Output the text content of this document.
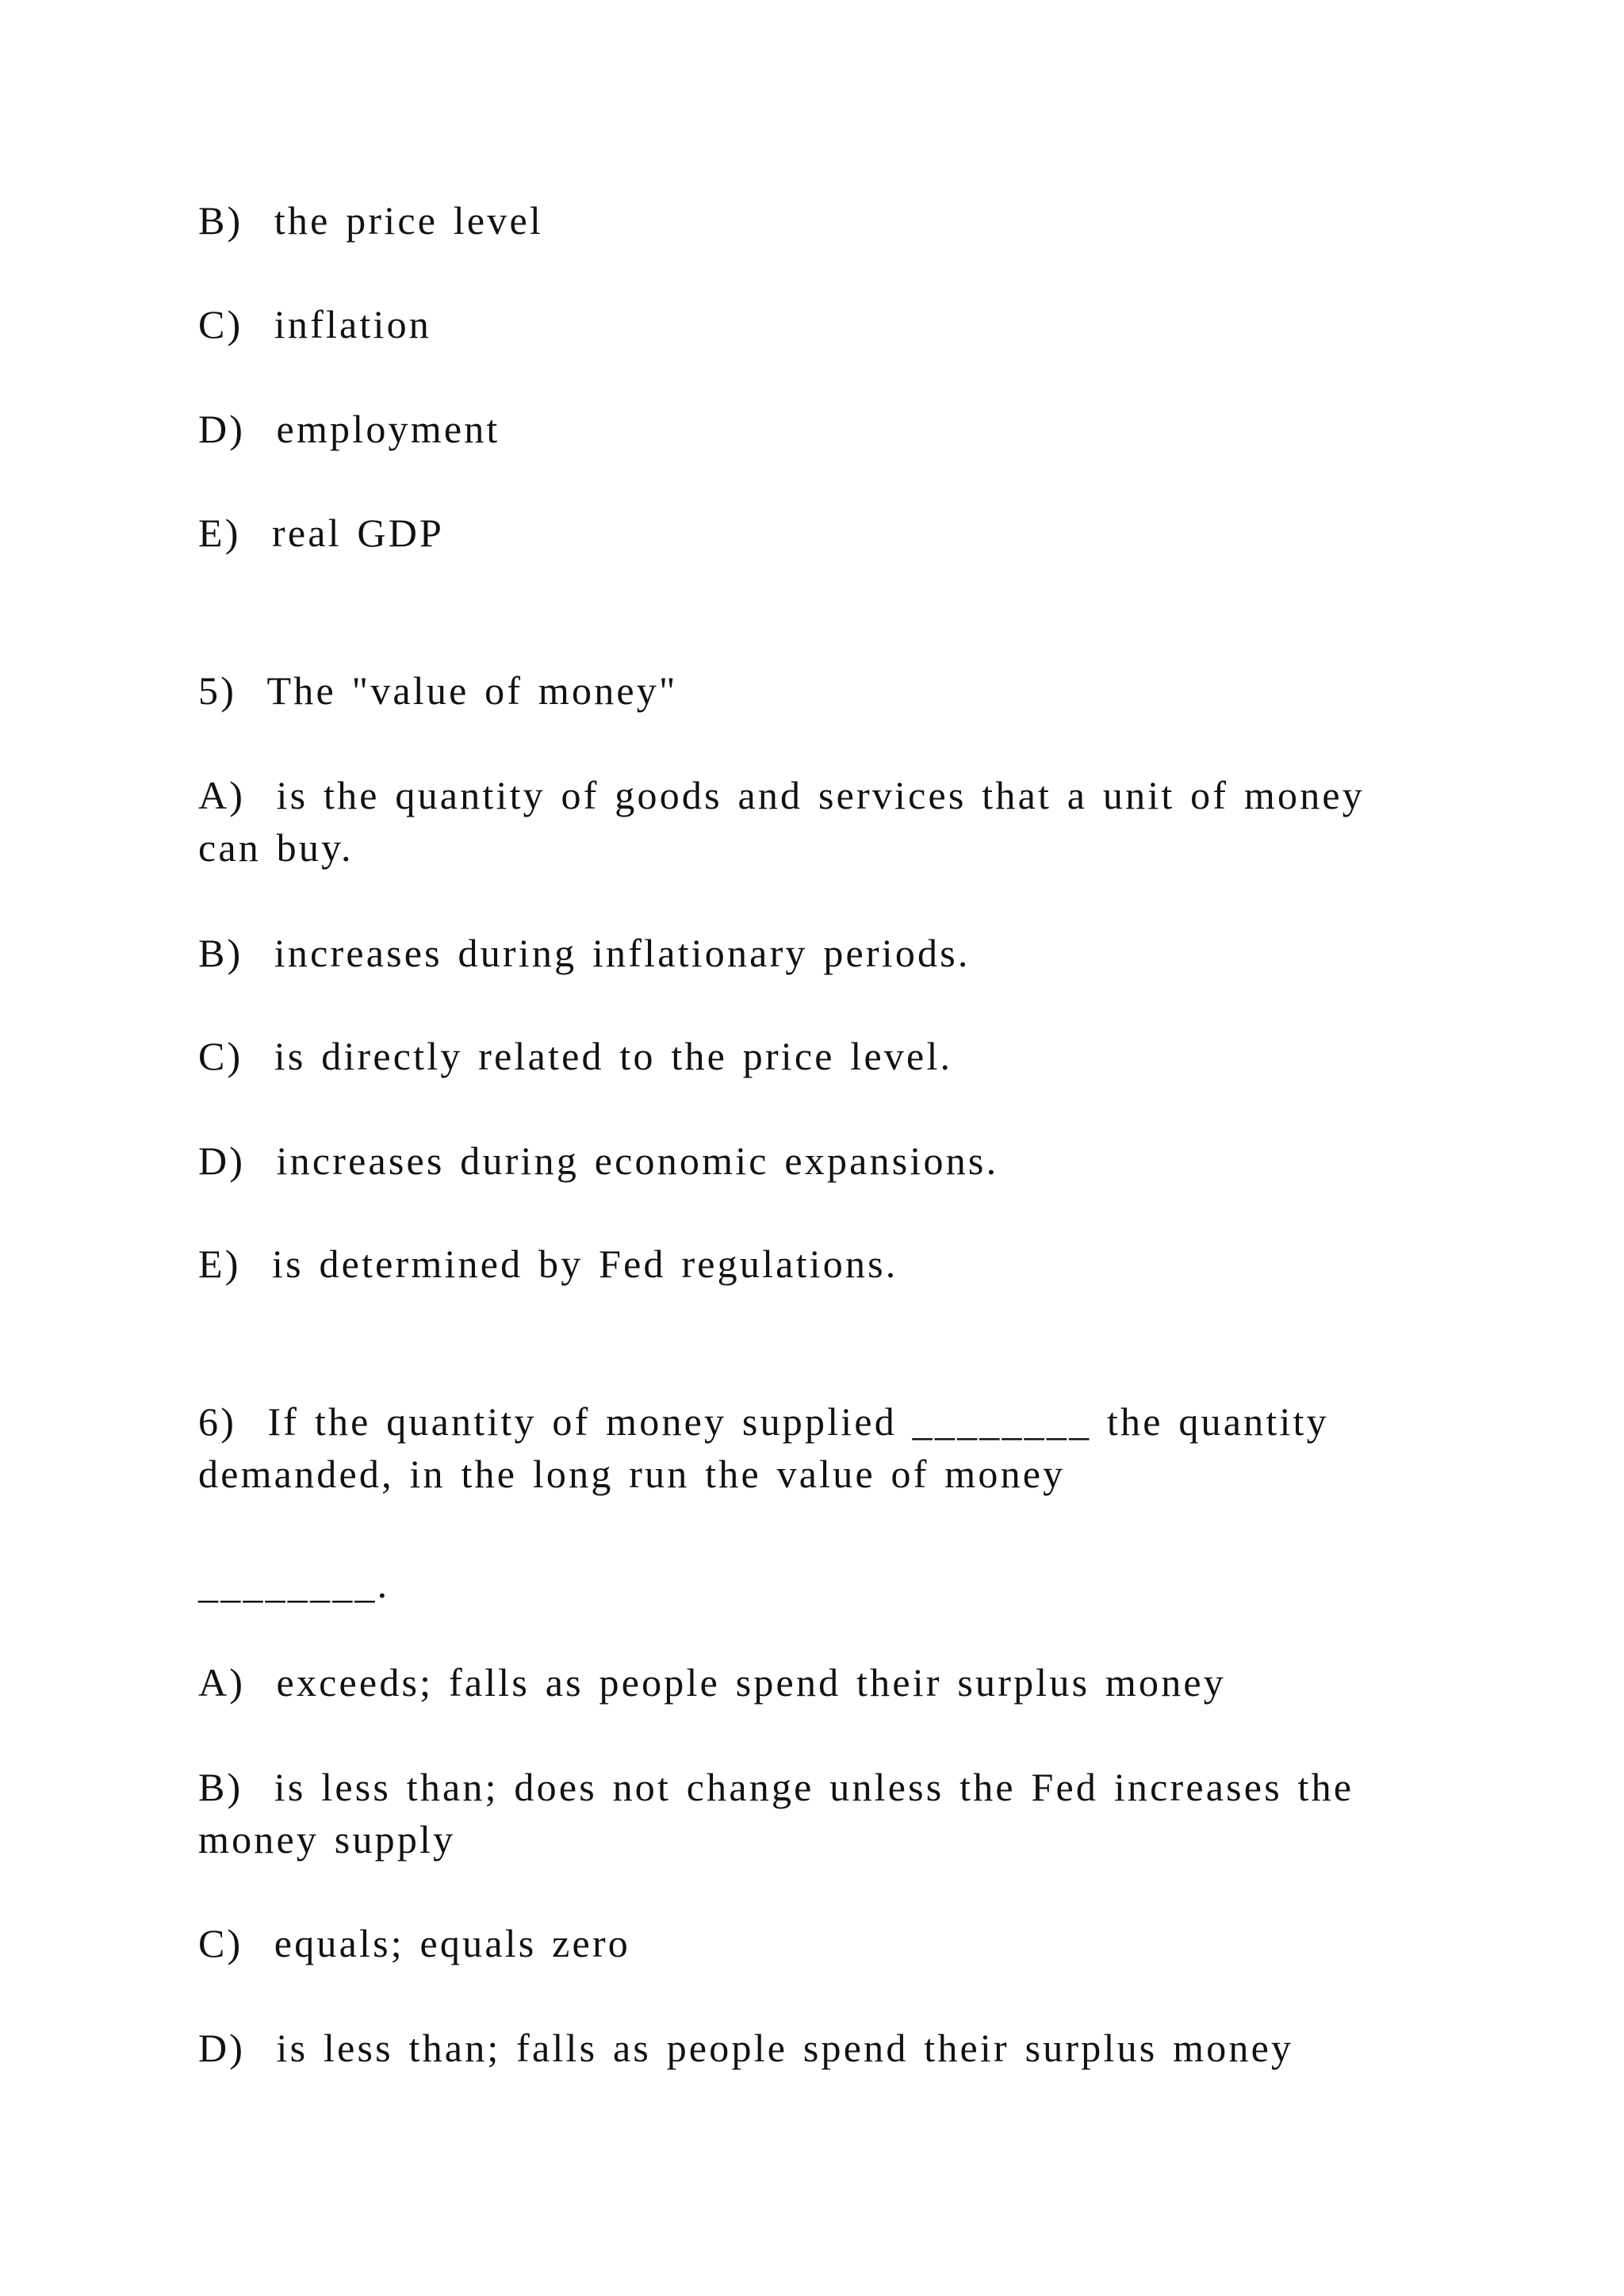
B)  the price level
C)  inflation
D)  employment
E)  real GDP
5)  The "value of money"
A)  is the quantity of goods and services that a unit of money can buy.
B)  increases during inflationary periods.
C)  is directly related to the price level.
D)  increases during economic expansions.
E)  is determined by Fed regulations.
6)  If the quantity of money supplied ________ the quantity demanded, in the long run the value of money
________.
A)  exceeds; falls as people spend their surplus money
B)  is less than; does not change unless the Fed increases the money supply
C)  equals; equals zero
D)  is less than; falls as people spend their surplus money
